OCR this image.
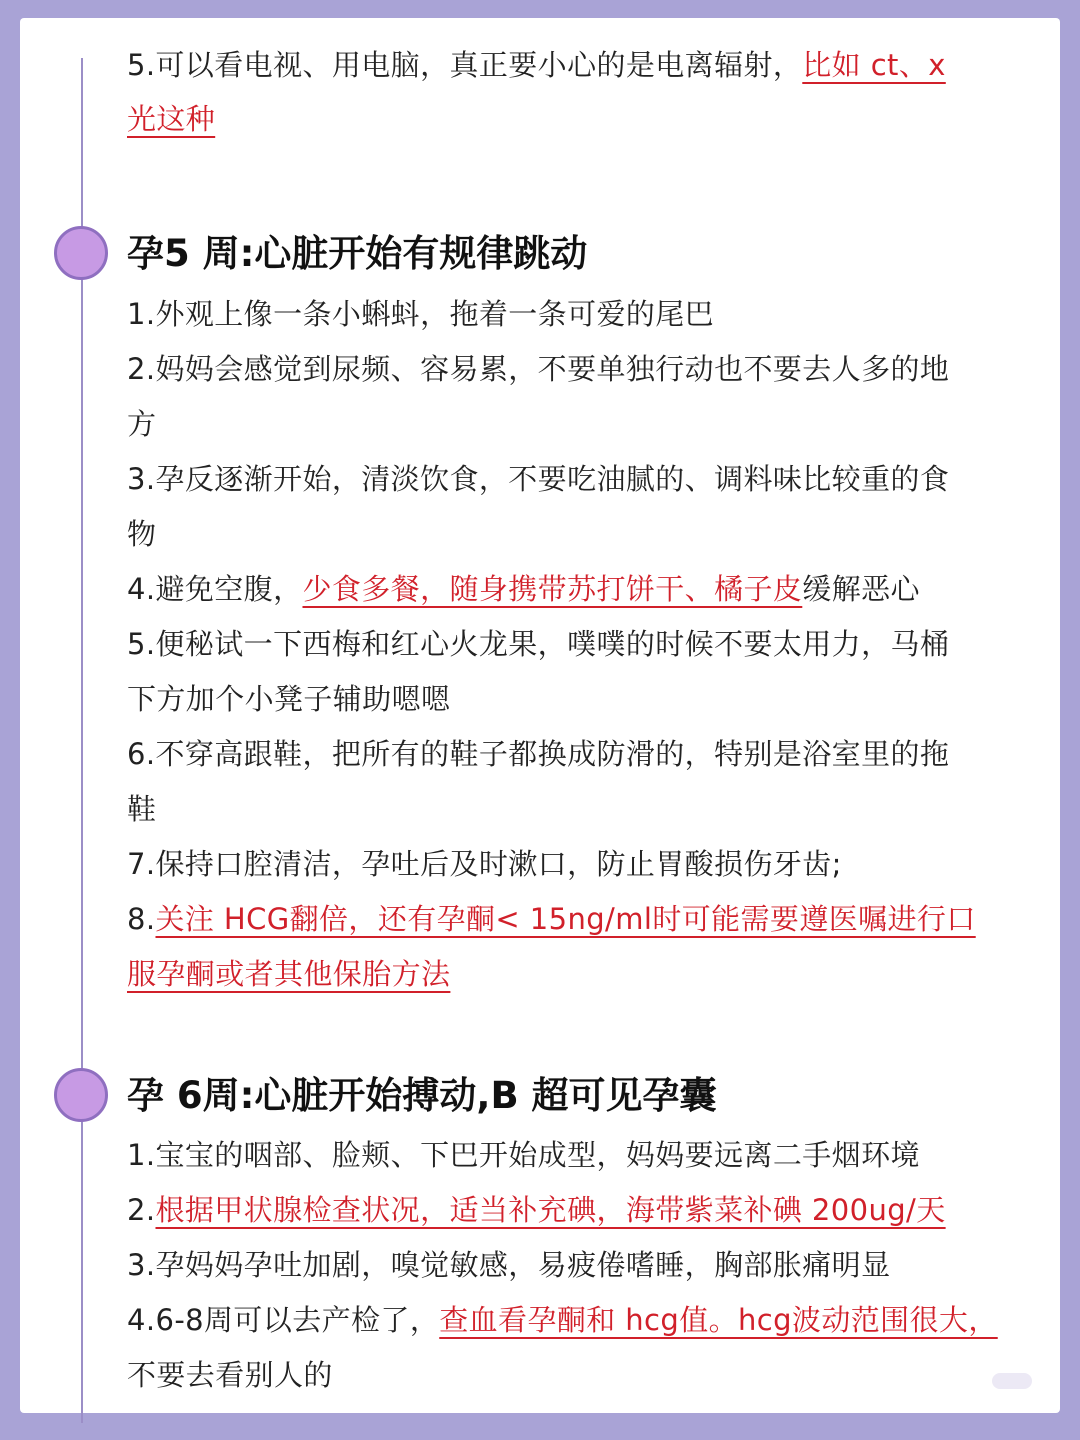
5.可以看电视、用电脑，真正要小心的是电离辐射，比如 ct、x
光这种
孕5 周:心脏开始有规律跳动
1.外观上像一条小蝌蚪，拖着一条可爱的尾巴
2.妈妈会感觉到尿频、容易累，不要单独行动也不要去人多的地
方
3.孕反逐渐开始，清淡饮食，不要吃油腻的、调料味比较重的食
物
4.避免空腹，少食多餐，随身携带苏打饼干、橘子皮缓解恶心
5.便秘试一下西梅和红心火龙果，噗噗的时候不要太用力，马桶
下方加个小凳子辅助嗯嗯
6.不穿高跟鞋，把所有的鞋子都换成防滑的，特别是浴室里的拖
鞋
7.保持口腔清洁，孕吐后及时漱口，防止胃酸损伤牙齿;
8.关注 HCG翻倍，还有孕酮< 15ng/ml时可能需要遵医嘱进行口
服孕酮或者其他保胎方法
孕 6周:心脏开始搏动,B 超可见孕囊
1.宝宝的咽部、脸颊、下巴开始成型，妈妈要远离二手烟环境
2.根据甲状腺检查状况，适当补充碘，海带紫菜补碘 200ug/天
3.孕妈妈孕吐加剧，嗅觉敏感，易疲倦嗜睡，胸部胀痛明显
4.6-8周可以去产检了，查血看孕酮和 hcg值。hcg波动范围很大，
不要去看别人的
